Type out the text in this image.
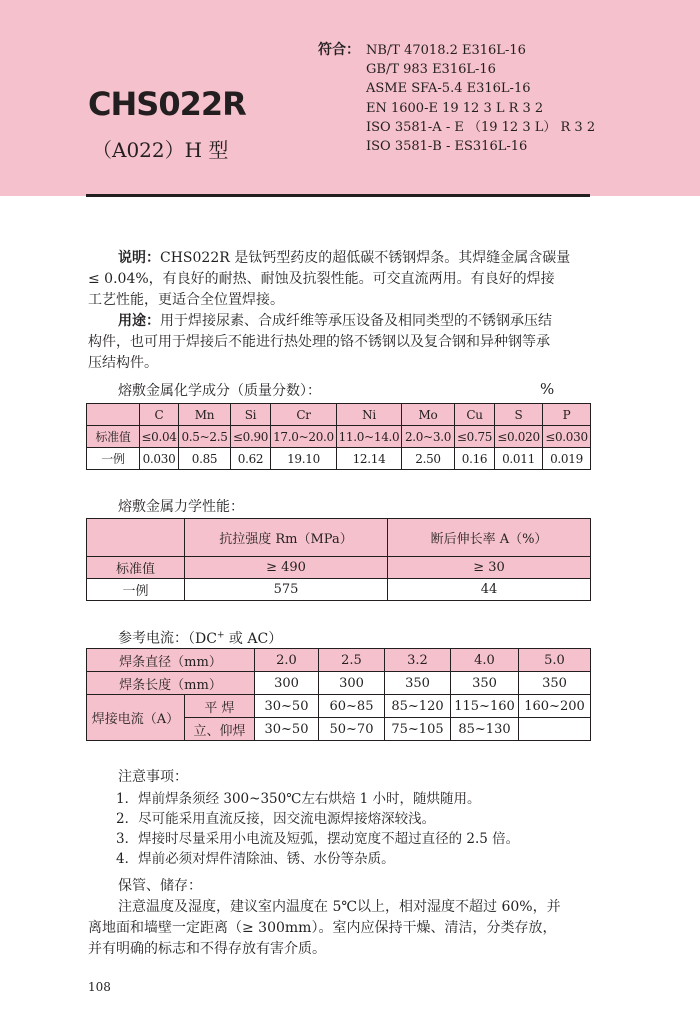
CHS022R
（A022）H 型
符合： NB/T 47018.2 E316L-16
GB/T 983 E316L-16
ASME SFA-5.4 E316L-16
EN 1600-E 19 12 3 L R 3 2
ISO 3581-A - E （19 12 3 L） R 3 2
ISO 3581-B - ES316L-16
说明：CHS022R 是钛钙型药皮的超低碳不锈钢焊条。其焊缝金属含碳量
≤ 0.04%，有良好的耐热、耐蚀及抗裂性能。可交直流两用。有良好的焊接
工艺性能，更适合全位置焊接。
用途：用于焊接尿素、合成纤维等承压设备及相同类型的不锈钢承压结
构件，也可用于焊接后不能进行热处理的铬不锈钢以及复合钢和异种钢等承
压结构件。
熔敷金属化学成分（质量分数）：	%
	C	Mn	Si	Cr	Ni	Mo	Cu	S	P
标准值	≤0.04	0.5~2.5	≤0.90	17.0~20.0	11.0~14.0	2.0~3.0	≤0.75	≤0.020	≤0.030
一例	0.030	0.85	0.62	19.10	12.14	2.50	0.16	0.011	0.019
熔敷金属力学性能：
	抗拉强度 Rm（MPa）	断后伸长率 A（%）
标准值	≥ 490	≥ 30
一例	575	44
参考电流：（DC+ 或 AC）
焊条直径（mm）		2.0	2.5	3.2	4.0	5.0
焊条长度（mm）		300	300	350	350	350
焊接电流（A）	平 焊	30~50	60~85	85~120	115~160	160~200
	立、仰焊	30~50	50~70	75~105	85~130	
注意事项：
1．焊前焊条须经 300~350℃左右烘焙 1 小时，随烘随用。
2．尽可能采用直流反接，因交流电源焊接熔深较浅。
3．焊接时尽量采用小电流及短弧，摆动宽度不超过直径的 2.5 倍。
4．焊前必须对焊件清除油、锈、水份等杂质。
保管、储存：
注意温度及湿度，建议室内温度在 5℃以上，相对湿度不超过 60%，并
离地面和墙壁一定距离（≥ 300mm）。室内应保持干燥、清洁，分类存放，
并有明确的标志和不得存放有害介质。
108
